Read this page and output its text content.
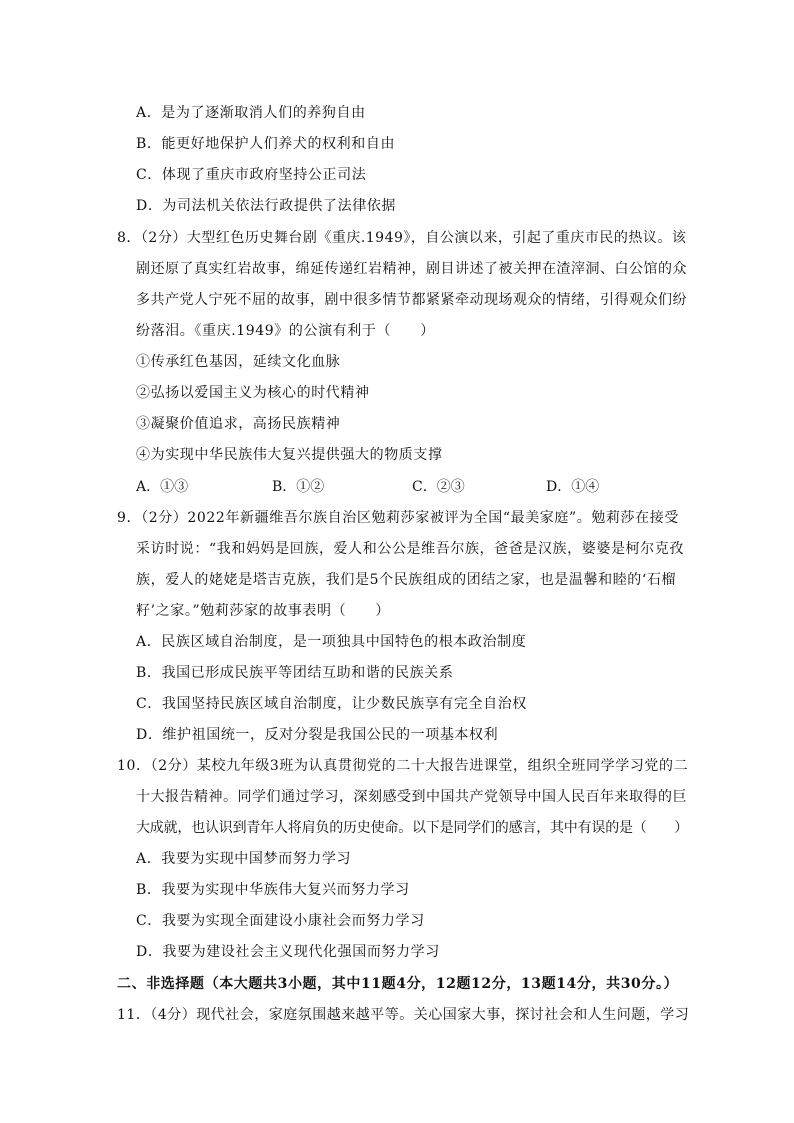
A．是为了逐渐取消人们的养狗自由
B．能更好地保护人们养犬的权利和自由
C．体现了重庆市政府坚持公正司法
D．为司法机关依法行政提供了法律依据
8．（2分）大型红色历史舞台剧《重庆.1949》，自公演以来，引起了重庆市民的热议。该
剧还原了真实红岩故事，绵延传递红岩精神，剧目讲述了被关押在渣滓洞、白公馆的众
多共产党人宁死不屈的故事，剧中很多情节都紧紧牵动现场观众的情绪，引得观众们纷
纷落泪。《重庆.1949》的公演有利于（　　）
①传承红色基因，延续文化血脉
②弘扬以爱国主义为核心的时代精神
③凝聚价值追求，高扬民族精神
④为实现中华民族伟大复兴提供强大的物质支撑
A．①③	B．①②	C．②③	D．①④
9．（2分）2022年新疆维吾尔族自治区勉莉莎家被评为全国“最美家庭”。勉莉莎在接受
采访时说：“我和妈妈是回族，爱人和公公是维吾尔族，爸爸是汉族，婆婆是柯尔克孜
族，爱人的姥姥是塔吉克族，我们是5个民族组成的团结之家，也是温馨和睦的‘石榴
籽’之家。”勉莉莎家的故事表明（　　）
A．民族区域自治制度，是一项独具中国特色的根本政治制度
B．我国已形成民族平等团结互助和谐的民族关系
C．我国坚持民族区域自治制度，让少数民族享有完全自治权
D．维护祖国统一，反对分裂是我国公民的一项基本权利
10．（2分）某校九年级3班为认真贯彻党的二十大报告进课堂，组织全班同学学习党的二
十大报告精神。同学们通过学习，深刻感受到中国共产党领导中国人民百年来取得的巨
大成就，也认识到青年人将肩负的历史使命。以下是同学们的感言，其中有误的是（　　）
A．我要为实现中国梦而努力学习
B．我要为实现中华族伟大复兴而努力学习
C．我要为实现全面建设小康社会而努力学习
D．我要为建设社会主义现代化强国而努力学习
二、非选择题（本大题共3小题，其中11题4分，12题12分，13题14分，共30分。）
11．（4分）现代社会，家庭氛围越来越平等。关心国家大事，探讨社会和人生问题，学习
